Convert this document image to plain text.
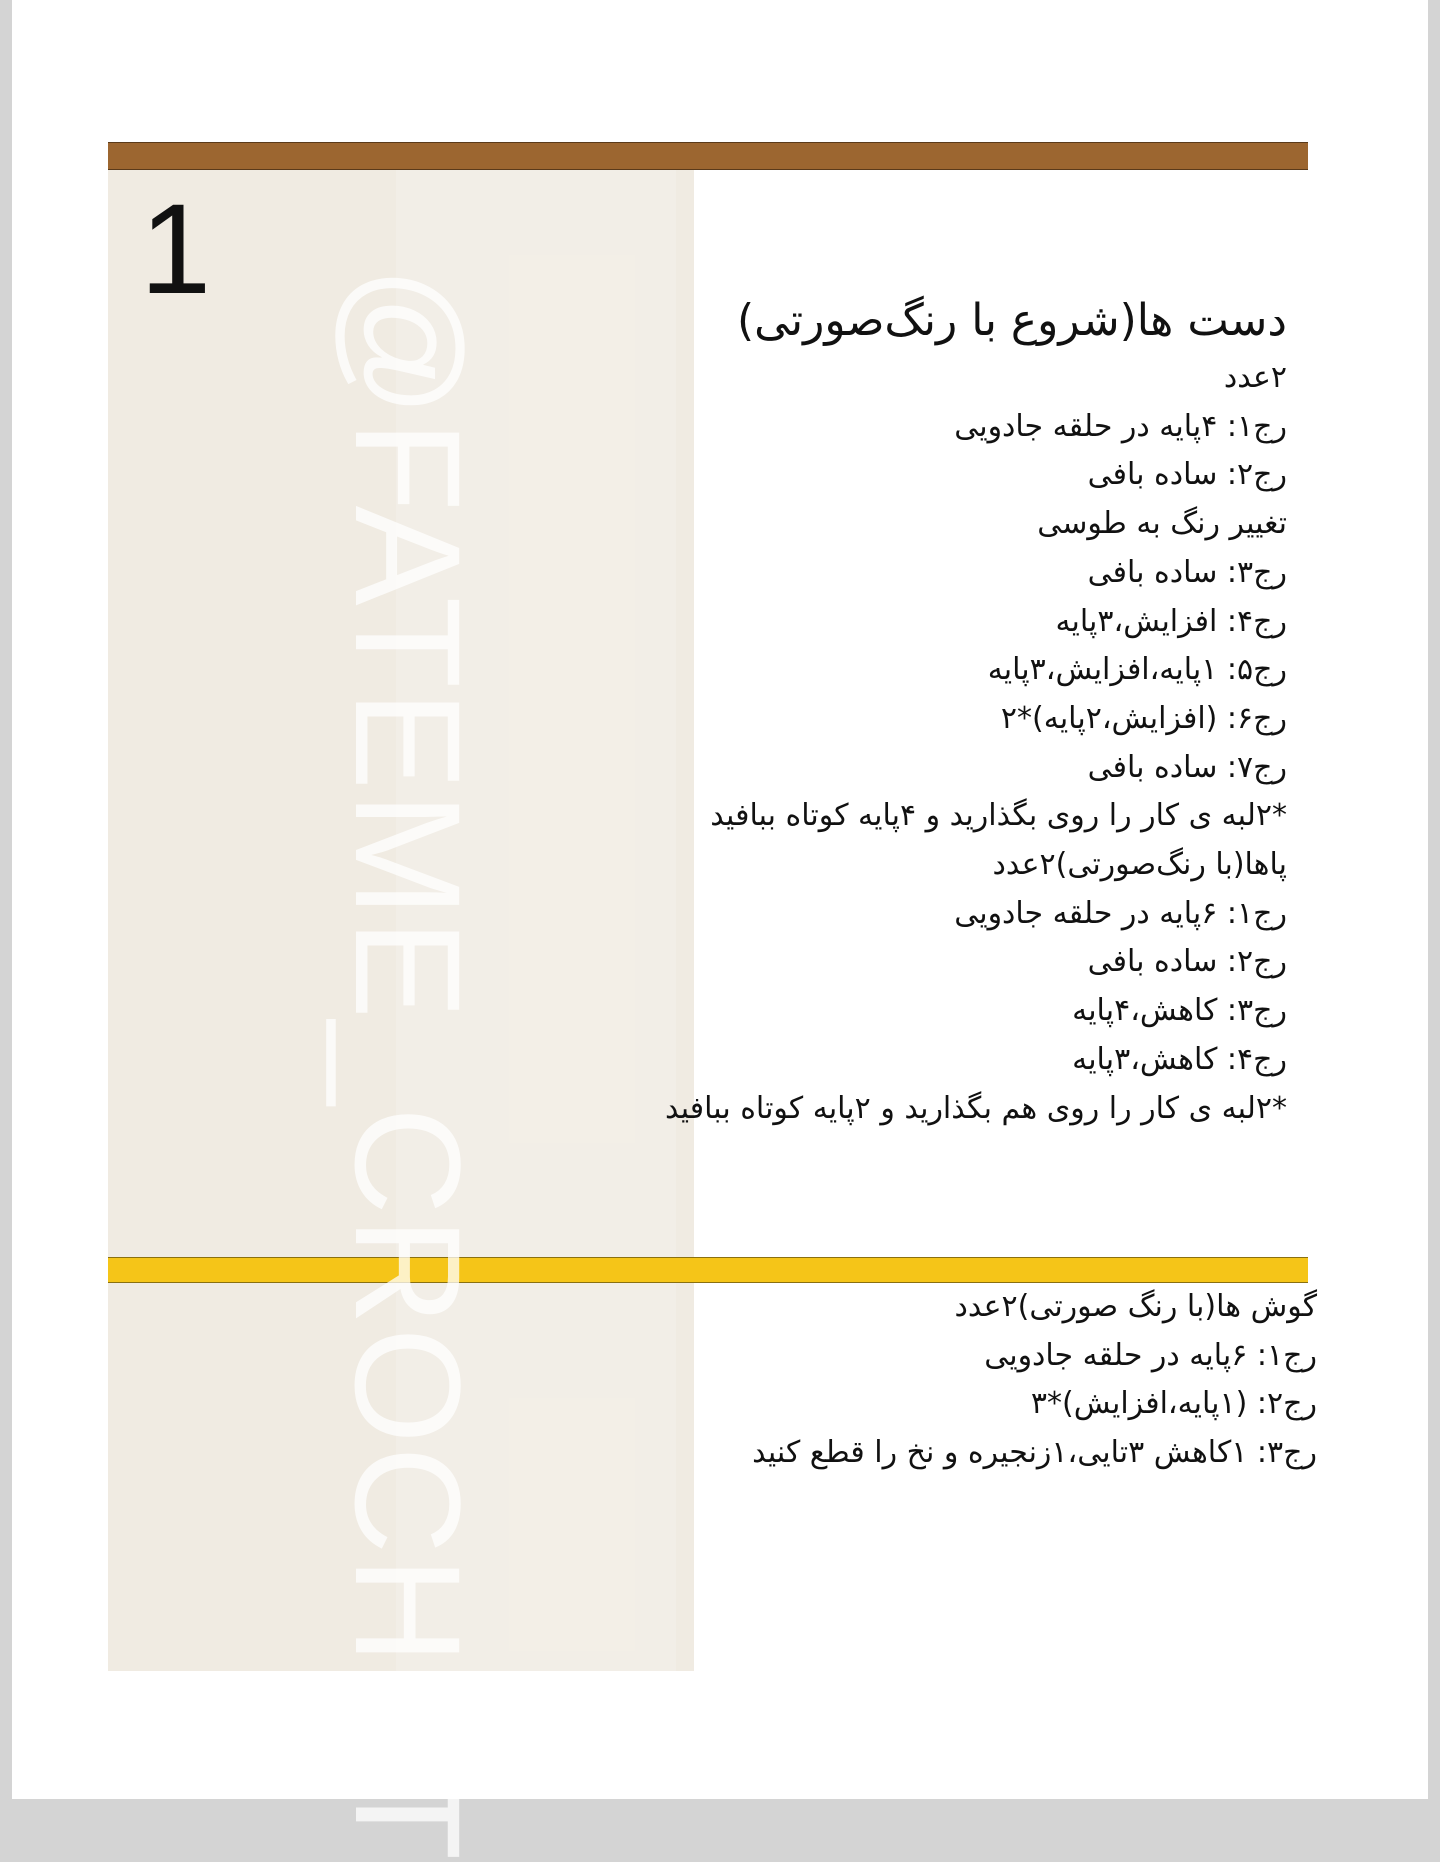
1
@FATEME_CROCHET	دست ها(شروع با رنگ‌صورتی)
۲عدد
رج۱: ۴پایه در حلقه جادویی
رج۲: ساده بافی
تغییر رنگ به طوسی
رج۳: ساده بافی
رج۴: افزایش،۳پایه
رج۵: ۱پایه،افزایش،۳پایه
رج۶: (افزایش،۲پایه)*۲
رج۷: ساده بافی
*۲لبه ی کار را روی بگذارید و ۴پایه کوتاه ببافید
پاها(با رنگ‌صورتی)۲عدد
رج۱: ۶پایه در حلقه جادویی
رج۲: ساده بافی
رج۳: کاهش،۴پایه
رج۴: کاهش،۳پایه
*۲لبه ی کار را روی هم بگذارید و ۲پایه کوتاه ببافید
گوش ها(با رنگ صورتی)۲عدد
رج۱: ۶پایه در حلقه جادویی
رج۲: (۱پایه،افزایش)*۳
رج۳: ۱کاهش ۳تایی،۱زنجیره و نخ را قطع کنید
